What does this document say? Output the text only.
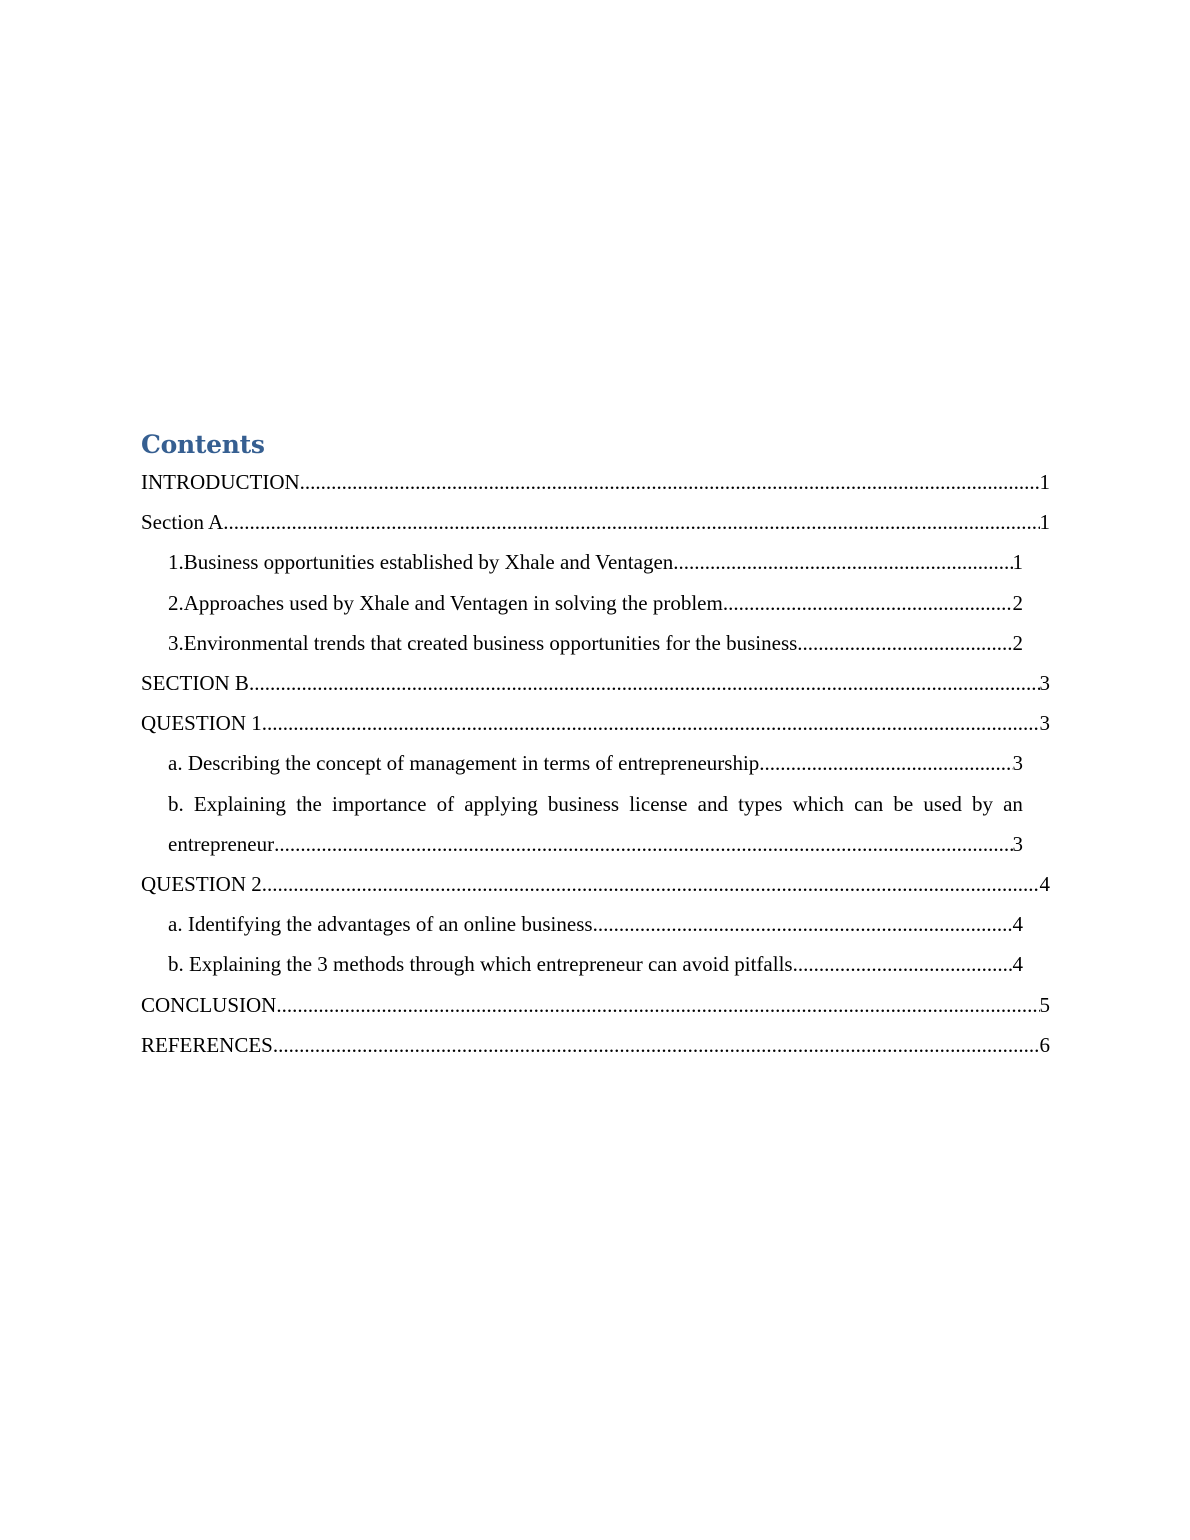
Contents
INTRODUCTION .....	1
Section A .....	1
1.Business opportunities established by Xhale and Ventagen .....	1
2.Approaches used by Xhale and Ventagen in solving the problem .....	2
3.Environmental trends that created business opportunities for the business .....	2
SECTION B .....	3
QUESTION 1 .....	3
a. Describing the concept of management in terms of entrepreneurship .....	3
b. Explaining the importance of applying business license and types which can be used by an
entrepreneur .....	3
QUESTION 2 .....	4
a. Identifying the advantages of an online business .....	4
b. Explaining the 3 methods through which entrepreneur can avoid pitfalls .....	4
CONCLUSION .....	5
REFERENCES .....	6
